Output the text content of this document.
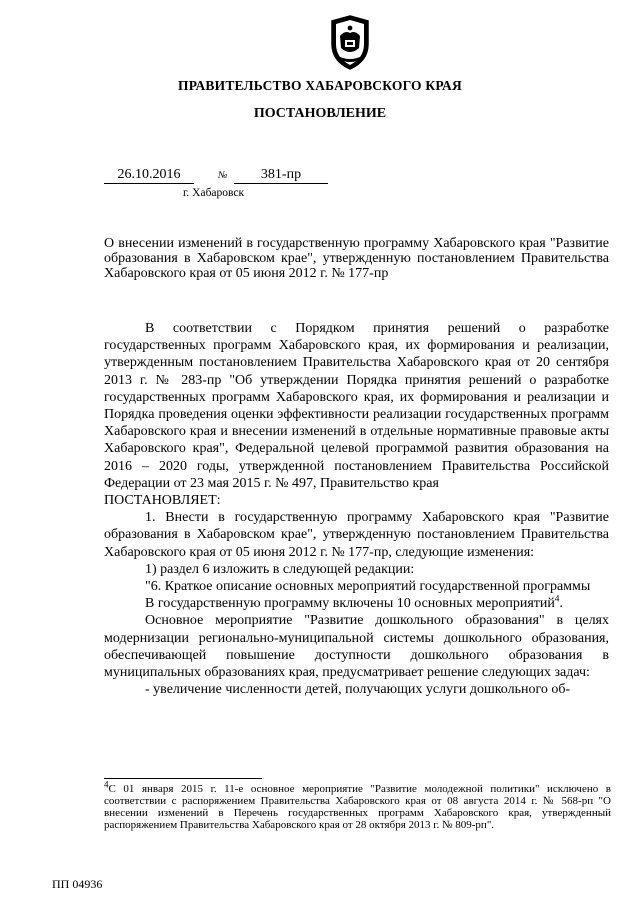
ПРАВИТЕЛЬСТВО ХАБАРОВСКОГО КРАЯ
ПОСТАНОВЛЕНИЕ
26.10.2016	№	381-пр
г. Хабаровск
О внесении изменений в государственную программу Хабаровского края "Развитие образования в Хабаровском крае", утвержденную постановлением Правительства Хабаровского края от 05 июня 2012 г. № 177-пр

В соответствии с Порядком принятия решений о разработке государственных программ Хабаровского края, их формирования и реализации, утвержденным постановлением Правительства Хабаровского края от 20 сентября 2013 г. № 283-пр "Об утверждении Порядка принятия решений о разработке государственных программ Хабаровского края, их формирования и реализации и Порядка проведения оценки эффективности реализации государственных программ Хабаровского края и внесении изменений в отдельные нормативные правовые акты Хабаровского края", Федеральной целевой программой развития образования на 2016 – 2020 годы, утвержденной постановлением Правительства Российской Федерации от 23 мая 2015 г. № 497, Правительство края

ПОСТАНОВЛЯЕТ:

1. Внести в государственную программу Хабаровского края "Развитие образования в Хабаровском крае", утвержденную постановлением Правительства Хабаровского края от 05 июня 2012 г. № 177-пр, следующие изменения:

1) раздел 6 изложить в следующей редакции:

"6. Краткое описание основных мероприятий государственной программы

В государственную программу включены 10 основных мероприятий$^4$.

Основное мероприятие "Развитие дошкольного образования" в целях модернизации регионально-муниципальной системы дошкольного образования, обеспечивающей повышение доступности дошкольного образования в муниципальных образованиях края, предусматривает решение следующих задач:

- увеличение численности детей, получающих услуги дошкольного об-

$^4$С 01 января 2015 г. 11-е основное мероприятие "Развитие молодежной политики" исключено в соответствии с распоряжением Правительства Хабаровского края от 08 августа 2014 г. № 568-рп "О внесении изменений в Перечень государственных программ Хабаровского края, утвержденный распоряжением Правительства Хабаровского края от 28 октября 2013 г. № 809-рп".
ПП 04936
